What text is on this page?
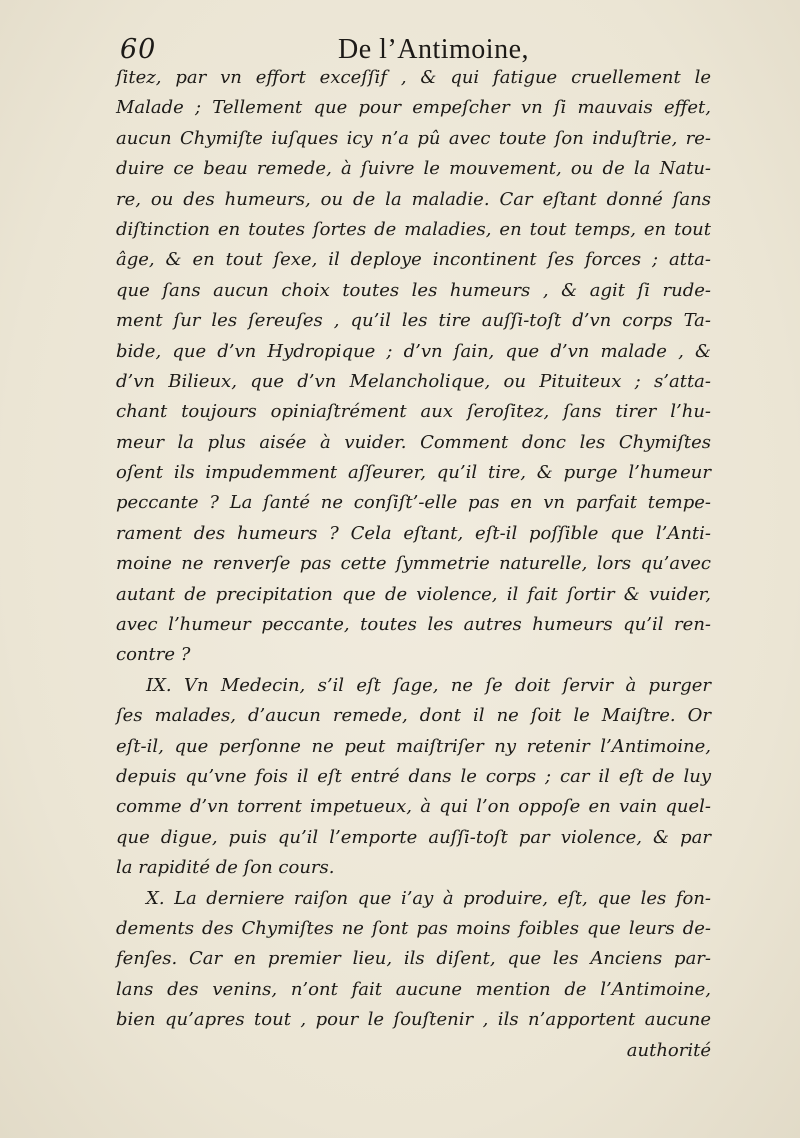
60	De l’Antimoine,
ſitez, par vn effort exceſſif , & qui fatigue cruellement le
Malade ; Tellement que pour empeſcher vn ſi mauvais effet,
aucun Chymiſte iuſques icy n’a pû avec toute ſon induſtrie, re-
duire ce beau remede, à ſuivre le mouvement, ou de la Natu-
re, ou des humeurs, ou de la maladie. Car eſtant donné ſans
diſtinction en toutes ſortes de maladies, en tout temps, en tout
âge, & en tout ſexe, il deploye incontinent ſes forces ; atta-
que ſans aucun choix toutes les humeurs , & agit ſi rude-
ment ſur les ſereuſes , qu’il les tire auſſi-toſt d’vn corps Ta-
bide, que d’vn Hydropique ; d’vn ſain, que d’vn malade , &
d’vn Bilieux, que d’vn Melancholique, ou Pituiteux ; s’atta-
chant toujours opiniaſtrément aux ſeroſitez, ſans tirer l’hu-
meur la plus aisée à vuider. Comment donc les Chymiſtes
oſent ils impudemment aſſeurer, qu’il tire, & purge l’humeur
peccante ? La ſanté ne conſiſt’-elle pas en vn parfait tempe-
rament des humeurs ? Cela eſtant, eſt-il poſſible que l’Anti-
moine ne renverſe pas cette ſymmetrie naturelle, lors qu’avec
autant de precipitation que de violence, il fait ſortir & vuider,
avec l’humeur peccante, toutes les autres humeurs qu’il ren-
contre ?
IX. Vn Medecin, s’il eſt ſage, ne ſe doit ſervir à purger
ſes malades, d’aucun remede, dont il ne ſoit le Maiſtre. Or
eſt-il, que perſonne ne peut maiſtriſer ny retenir l’Antimoine,
depuis qu’vne fois il eſt entré dans le corps ; car il eſt de luy
comme d’vn torrent impetueux, à qui l’on oppoſe en vain quel-
que digue, puis qu’il l’emporte auſſi-toſt par violence, & par
la rapidité de ſon cours.
X. La derniere raiſon que i’ay à produire, eſt, que les fon-
dements des Chymiſtes ne ſont pas moins foibles que leurs de-
fenſes. Car en premier lieu, ils diſent, que les Anciens par-
lans des venins, n’ont fait aucune mention de l’Antimoine,
bien qu’apres tout , pour le ſouſtenir , ils n’apportent aucune
authorité
